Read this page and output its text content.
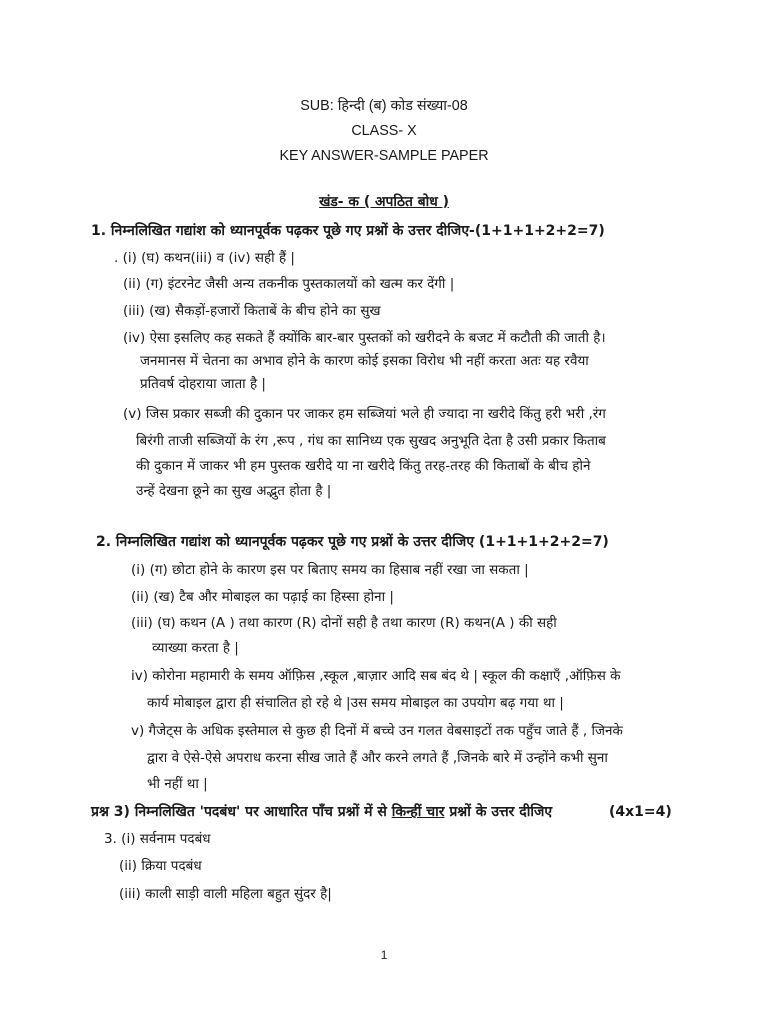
SUB: हिन्दी (ब) कोड संख्या-08
CLASS- X
KEY ANSWER-SAMPLE PAPER
खंड- क ( अपठित बोध )
1. निम्नलिखित गद्यांश को ध्यानपूर्वक पढ़कर पूछे गए प्रश्नों के उत्तर दीजिए-(1+1+1+2+2=7)
. (i) (घ) कथन(iii) व (iv) सही हैं |
(ii) (ग) इंटरनेट जैसी अन्य तकनीक पुस्तकालयों को खत्म कर देंगी |
(iii) (ख) सैकड़ों-हजारों किताबें के बीच होने का सुख
(iv) ऐसा इसलिए कह सकते हैं क्योंकि बार-बार पुस्तकों को खरीदने के बजट में कटौती की जाती है।
जनमानस में चेतना का अभाव होने के कारण कोई इसका विरोध भी नहीं करता अतः यह रवैया
प्रतिवर्ष दोहराया जाता है |
(v) जिस प्रकार सब्जी की दुकान पर जाकर हम सब्जियां भले ही ज्यादा ना खरीदे किंतु हरी भरी ,रंग
बिरंगी ताजी सब्जियों के रंग ,रूप , गंध का सानिध्य एक सुखद अनुभूति देता है उसी प्रकार किताब
की दुकान में जाकर भी हम पुस्तक खरीदे या ना खरीदे किंतु तरह-तरह की किताबों के बीच होने
उन्हें देखना छूने का सुख अद्भुत होता है |
2. निम्नलिखित गद्यांश को ध्यानपूर्वक पढ़कर पूछे गए प्रश्नों के उत्तर दीजिए (1+1+1+2+2=7)
(i) (ग) छोटा होने के कारण इस पर बिताए समय का हिसाब नहीं रखा जा सकता |
(ii) (ख) टैब और मोबाइल का पढ़ाई का हिस्सा होना |
(iii) (घ) कथन (A ) तथा कारण (R) दोनों सही है तथा कारण (R) कथन(A ) की सही
व्याख्या करता है |
iv) कोरोना महामारी के समय ऑफ़िस ,स्कूल ,बाज़ार आदि सब बंद थे | स्कूल की कक्षाएँ ,ऑफ़िस के
कार्य मोबाइल द्वारा ही संचालित हो रहे थे |उस समय मोबाइल का उपयोग बढ़ गया था |
v) गैजेट्स के अधिक इस्तेमाल से कुछ ही दिनों में बच्चे उन गलत वेबसाइटों तक पहुँच जाते हैं , जिनके
द्वारा वे ऐसे-ऐसे अपराध करना सीख जाते हैं और करने लगते हैं ,जिनके बारे में उन्होंने कभी सुना
भी नहीं था |
प्रश्न 3) निम्नलिखित 'पदबंध' पर आधारित पाँच प्रश्नों में से किन्हीं चार प्रश्नों के उत्तर दीजिए	(4x1=4)
3. (i) सर्वनाम पदबंध
(ii) क्रिया पदबंध
(iii) काली साड़ी वाली महिला बहुत सुंदर है|
1
